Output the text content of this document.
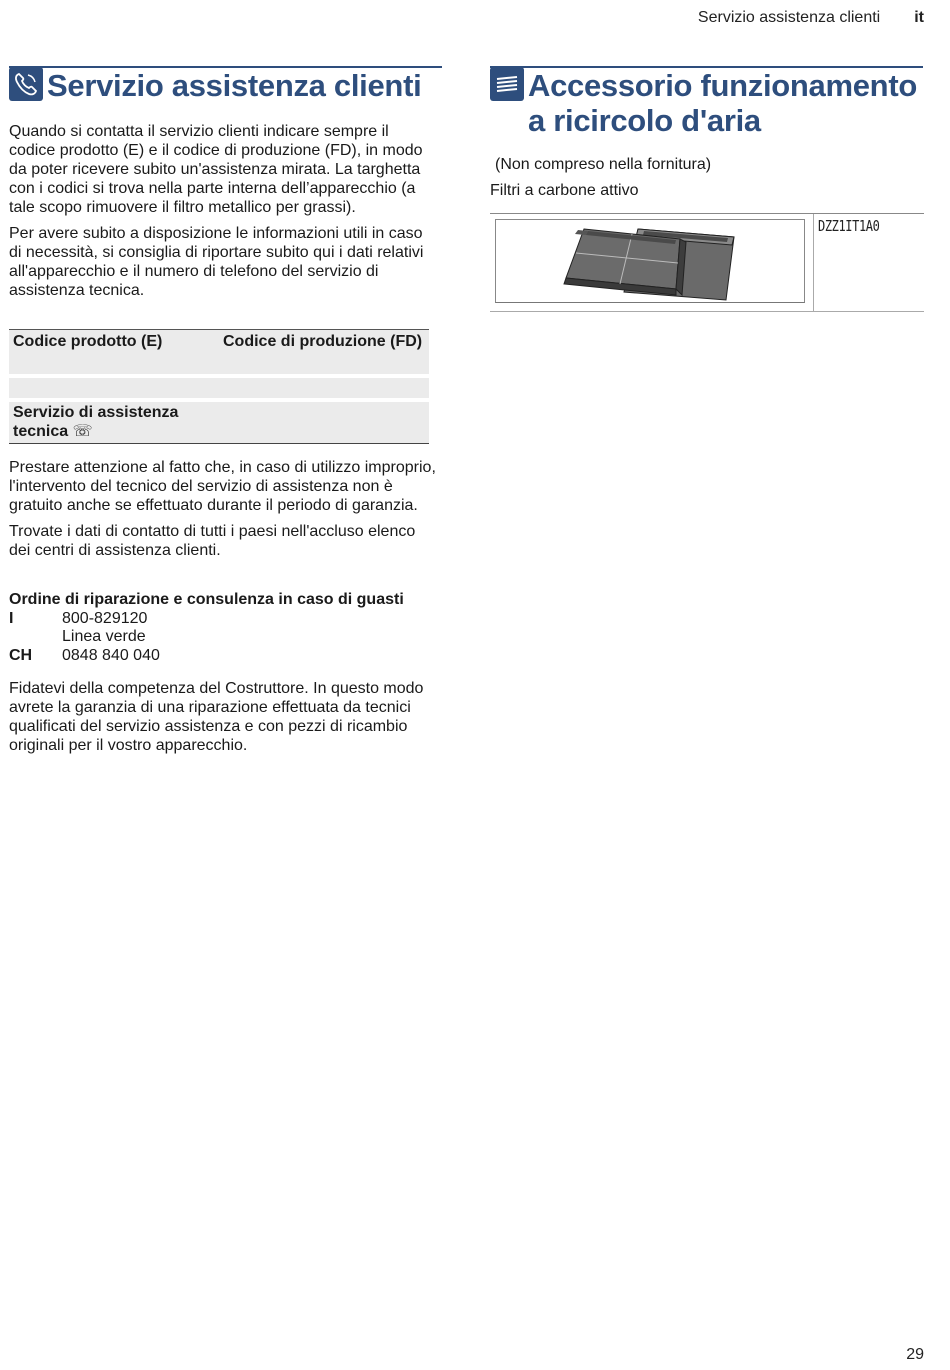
Servizio assistenza clienti it
Servizio assistenza clienti	Accessorio funzionamento
a ricircolo d'aria

Quando si contatta il servizio clienti indicare sempre il codice prodotto (E) e il codice di produzione (FD), in modo da poter ricevere subito un'assistenza mirata. La targhetta con i codici si trova nella parte interna dell’apparecchio (a tale scopo rimuovere il filtro metallico per grassi).

Per avere subito a disposizione le informazioni utili in caso di necessità, si consiglia di riportare subito qui i dati relativi all'apparecchio e il numero di telefono del servizio di assistenza tecnica.

Codice prodotto (E)	Codice di produzione (FD)
Servizio di assistenza tecnica ☏

Prestare attenzione al fatto che, in caso di utilizzo improprio, l'intervento del tecnico del servizio di assistenza non è gratuito anche se effettuato durante il periodo di garanzia.

Trovate i dati di contatto di tutti i paesi nell'accluso elenco dei centri di assistenza clienti.

Ordine di riparazione e consulenza in caso di guasti
I	800-829120
Linea verde
CH	0848 840 040

Fidatevi della competenza del Costruttore. In questo modo avrete la garanzia di una riparazione effettuata da tecnici qualificati del servizio assistenza e con pezzi di ricambio originali per il vostro apparecchio.

(Non compreso nella fornitura)

Filtri a carbone attivo

DZZ1IT1A0
29
